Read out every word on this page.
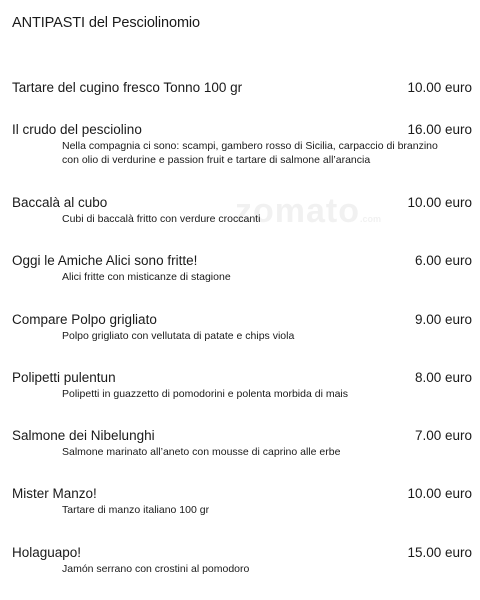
ANTIPASTI del Pesciolinomio
zomato.com
Tartare del cugino fresco Tonno 100 gr	10.00 euro
Il crudo del pesciolino	16.00 euro
Nella compagnia ci sono: scampi, gambero rosso di Sicilia, carpaccio di branzino con olio di verdurine e passion fruit e tartare di salmone all’arancia
Baccalà al cubo	10.00 euro
Cubi di baccalà fritto con verdure croccanti
Oggi le Amiche Alici sono fritte!	6.00 euro
Alici fritte con misticanze di stagione
Compare Polpo grigliato	9.00 euro
Polpo grigliato con vellutata di patate e chips viola
Polipetti pulentun	8.00 euro
Polipetti in guazzetto di pomodorini e polenta morbida di mais
Salmone dei Nibelunghi	7.00 euro
Salmone marinato all’aneto con mousse di caprino alle erbe
Mister Manzo!	10.00 euro
Tartare di manzo italiano 100 gr
Holaguapo!	15.00 euro
Jamón serrano con crostini al pomodoro
